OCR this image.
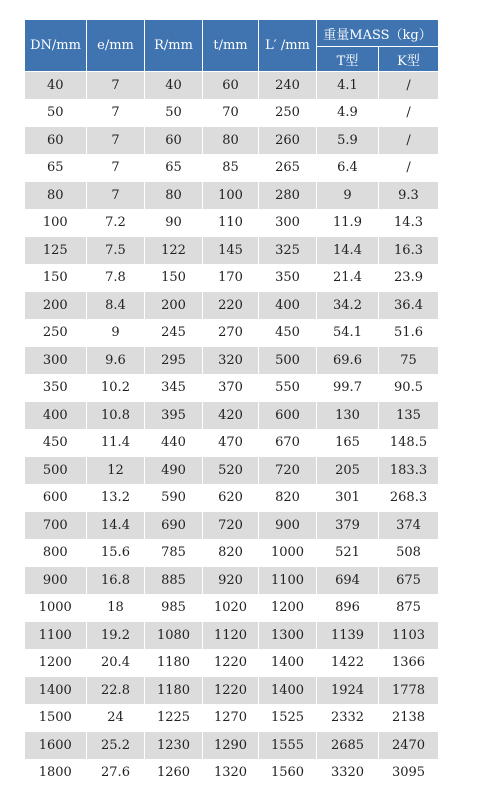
DN/mm	e/mm	R/mm	t/mm	L′ /mm	重量MASS（kg）	
					T型	K型
40	7	40	60	240	4.1	/
50	7	50	70	250	4.9	/
60	7	60	80	260	5.9	/
65	7	65	85	265	6.4	/
80	7	80	100	280	9	9.3
100	7.2	90	110	300	11.9	14.3
125	7.5	122	145	325	14.4	16.3
150	7.8	150	170	350	21.4	23.9
200	8.4	200	220	400	34.2	36.4
250	9	245	270	450	54.1	51.6
300	9.6	295	320	500	69.6	75
350	10.2	345	370	550	99.7	90.5
400	10.8	395	420	600	130	135
450	11.4	440	470	670	165	148.5
500	12	490	520	720	205	183.3
600	13.2	590	620	820	301	268.3
700	14.4	690	720	900	379	374
800	15.6	785	820	1000	521	508
900	16.8	885	920	1100	694	675
1000	18	985	1020	1200	896	875
1100	19.2	1080	1120	1300	1139	1103
1200	20.4	1180	1220	1400	1422	1366
1400	22.8	1180	1220	1400	1924	1778
1500	24	1225	1270	1525	2332	2138
1600	25.2	1230	1290	1555	2685	2470
1800	27.6	1260	1320	1560	3320	3095
